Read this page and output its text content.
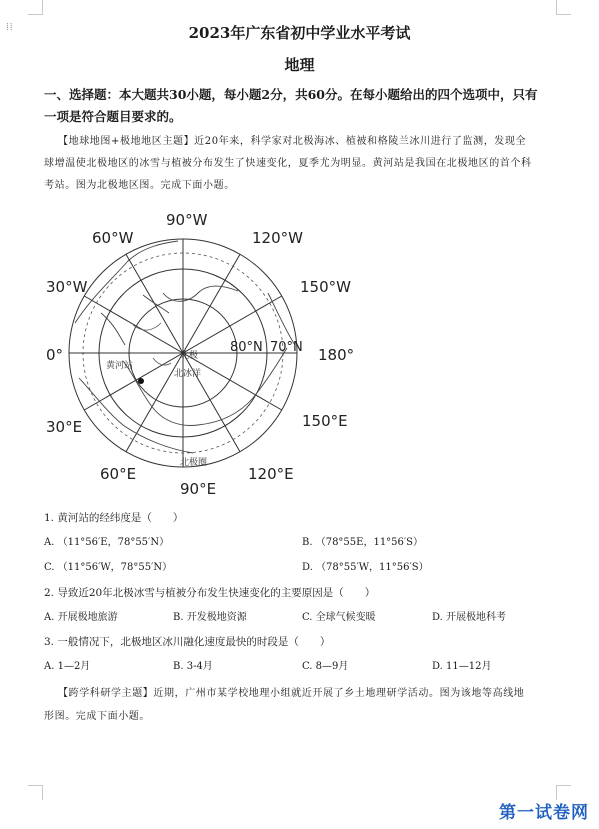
⁞⁞	2023年广东省初中学业水平考试
地理
一、选择题：本大题共30小题，每小题2分，共60分。在每小题给出的四个选项中，只有
一项是符合题目要求的。
【地球地图+极地地区主题】近20年来，科学家对北极海冰、植被和格陵兰冰川进行了监测，发现全
球增温使北极地区的冰雪与植被分布发生了快速变化，夏季尤为明显。黄河站是我国在北极地区的首个科
考站。图为北极地区图。完成下面小题。
90°W
60°W	120°W
30°W	150°W
0°	180°
30°E	150°E
60°E	120°E
90°E
80°N 70°N
黄河站
北极
北冰洋
北极圈
1. 黄河站的经纬度是（　　）
A. （11°56′E，78°55′N）	B. （78°55E，11°56′S）
C. （11°56′W，78°55′N）	D. （78°55′W，11°56′S）
2. 导致近20年北极冰雪与植被分布发生快速变化的主要原因是（　　）
A. 开展极地旅游	B. 开发极地资源	C. 全球气候变暖	D. 开展极地科考
3. 一般情况下，北极地区冰川融化速度最快的时段是（　　）
A. 1—2月	B. 3-4月	C. 8—9月	D. 11—12月
【跨学科研学主题】近期，广州市某学校地理小组就近开展了乡土地理研学活动。图为该地等高线地
形图。完成下面小题。
第一试卷网
